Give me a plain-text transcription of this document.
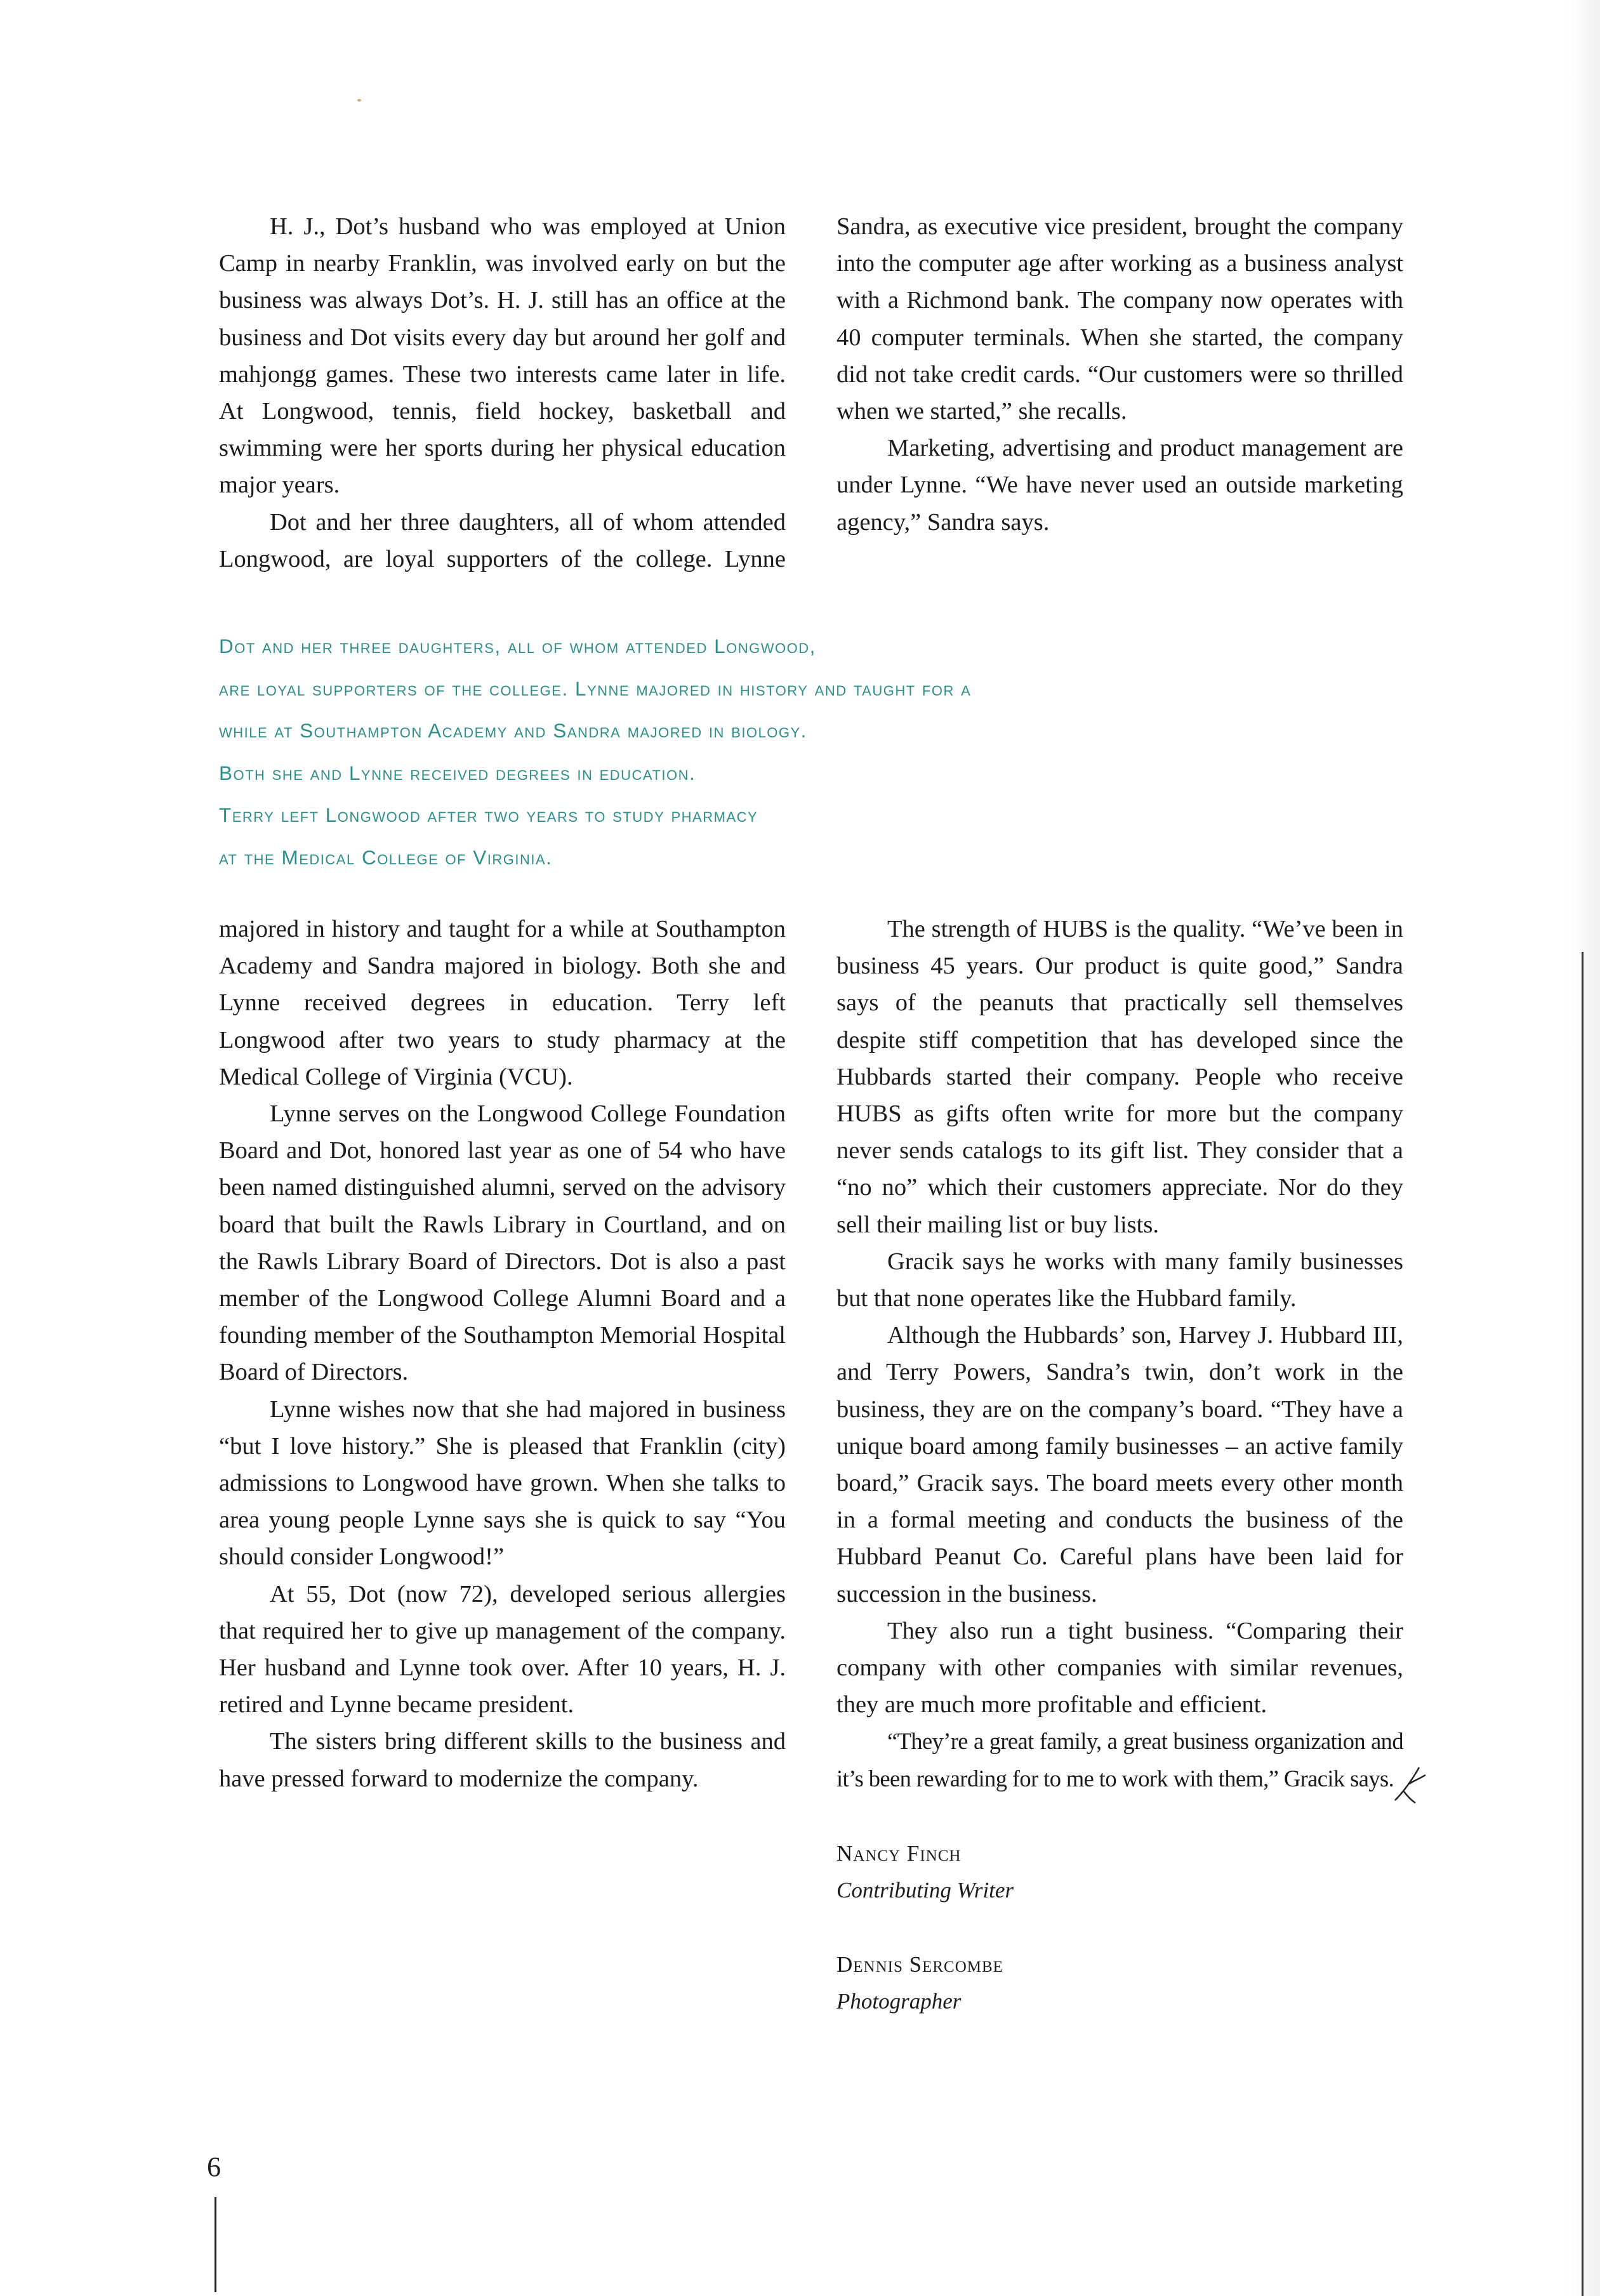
H. J., Dot’s husband who was employed at Union Camp in nearby Franklin, was involved early on but the business was always Dot’s. H. J. still has an office at the business and Dot visits every day but around her golf and mahjongg games. These two interests came later in life. At Longwood, tennis, field hockey, basketball and swimming were her sports during her physical education major years.

Dot and her three daughters, all of whom attended Longwood, are loyal supporters of the college. Lynne

Sandra, as executive vice president, brought the company into the computer age after working as a business analyst with a Richmond bank. The company now operates with 40 computer terminals. When she started, the company did not take credit cards. “Our customers were so thrilled when we started,” she recalls.

Marketing, advertising and product management are under Lynne. “We have never used an outside marketing agency,” Sandra says.

Dot and her three daughters, all of whom attended Longwood,
are loyal supporters of the college. Lynne majored in history and taught for a
while at Southampton Academy and Sandra majored in biology.
Both she and Lynne received degrees in education.
Terry left Longwood after two years to study pharmacy
at the Medical College of Virginia.

majored in history and taught for a while at Southampton Academy and Sandra majored in biology. Both she and Lynne received degrees in education. Terry left Longwood after two years to study pharmacy at the Medical College of Virginia (VCU).

Lynne serves on the Longwood College Foundation Board and Dot, honored last year as one of 54 who have been named distinguished alumni, served on the advisory board that built the Rawls Library in Courtland, and on the Rawls Library Board of Directors. Dot is also a past member of the Longwood College Alumni Board and a founding member of the Southampton Memorial Hospital Board of Directors.

Lynne wishes now that she had majored in business “but I love history.” She is pleased that Franklin (city) admissions to Longwood have grown. When she talks to area young people Lynne says she is quick to say “You should consider Longwood!”

At 55, Dot (now 72), developed serious allergies that required her to give up management of the company. Her husband and Lynne took over. After 10 years, H. J. retired and Lynne became president.

The sisters bring different skills to the business and have pressed forward to modernize the company.

The strength of HUBS is the quality. “We’ve been in business 45 years. Our product is quite good,” Sandra says of the peanuts that practically sell themselves despite stiff competition that has developed since the Hubbards started their company. People who receive HUBS as gifts often write for more but the company never sends catalogs to its gift list. They consider that a “no no” which their customers appreciate. Nor do they sell their mailing list or buy lists.

Gracik says he works with many family businesses but that none operates like the Hubbard family.

Although the Hubbards’ son, Harvey J. Hubbard III, and Terry Powers, Sandra’s twin, don’t work in the business, they are on the company’s board. “They have a unique board among family businesses – an active family board,” Gracik says. The board meets every other month in a formal meeting and conducts the business of the Hubbard Peanut Co. Careful plans have been laid for succession in the business.

They also run a tight business. “Comparing their company with other companies with similar revenues, they are much more profitable and efficient.

“They’re a great family, a great business organization and it’s been rewarding for to me to work with them,” Gracik says.

Nancy Finch
Contributing Writer
Dennis Sercombe
Photographer
6
